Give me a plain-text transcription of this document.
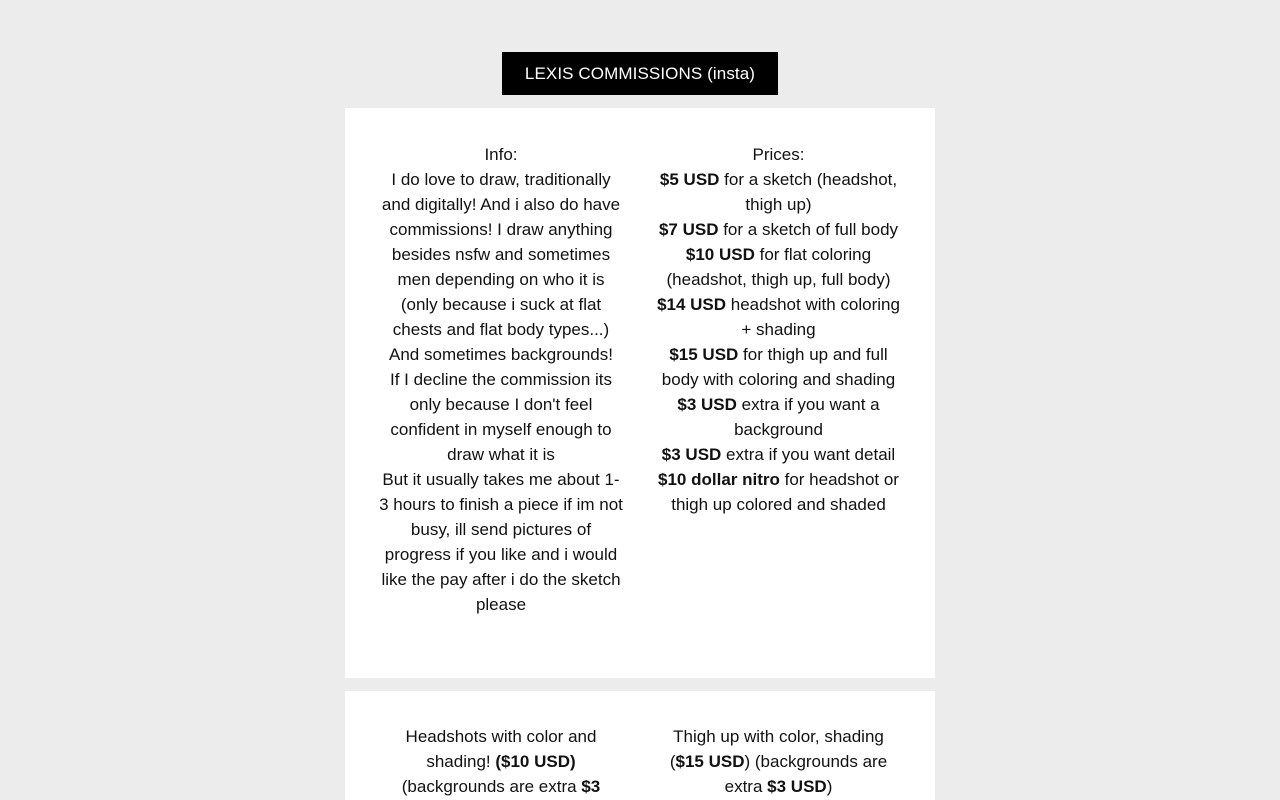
LEXIS COMMISSIONS (insta)
Info:
I do love to draw, traditionally and digitally! And i also do have commissions! I draw anything besides nsfw and sometimes men depending on who it is (only because i suck at flat chests and flat body types...) And sometimes backgrounds!
If I decline the commission its only because I don't feel confident in myself enough to draw what it is
But it usually takes me about 1-3 hours to finish a piece if im not busy, ill send pictures of progress if you like and i would like the pay after i do the sketch please
Prices:
$5 USD for a sketch (headshot, thigh up)
$7 USD for a sketch of full body
$10 USD for flat coloring (headshot, thigh up, full body)
$14 USD headshot with coloring + shading
$15 USD for thigh up and full body with coloring and shading
$3 USD extra if you want a background
$3 USD extra if you want detail
$10 dollar nitro for headshot or thigh up colored and shaded
Headshots with color and shading! ($10 USD) (backgrounds are extra $3
Thigh up with color, shading ($15 USD) (backgrounds are extra $3 USD)
